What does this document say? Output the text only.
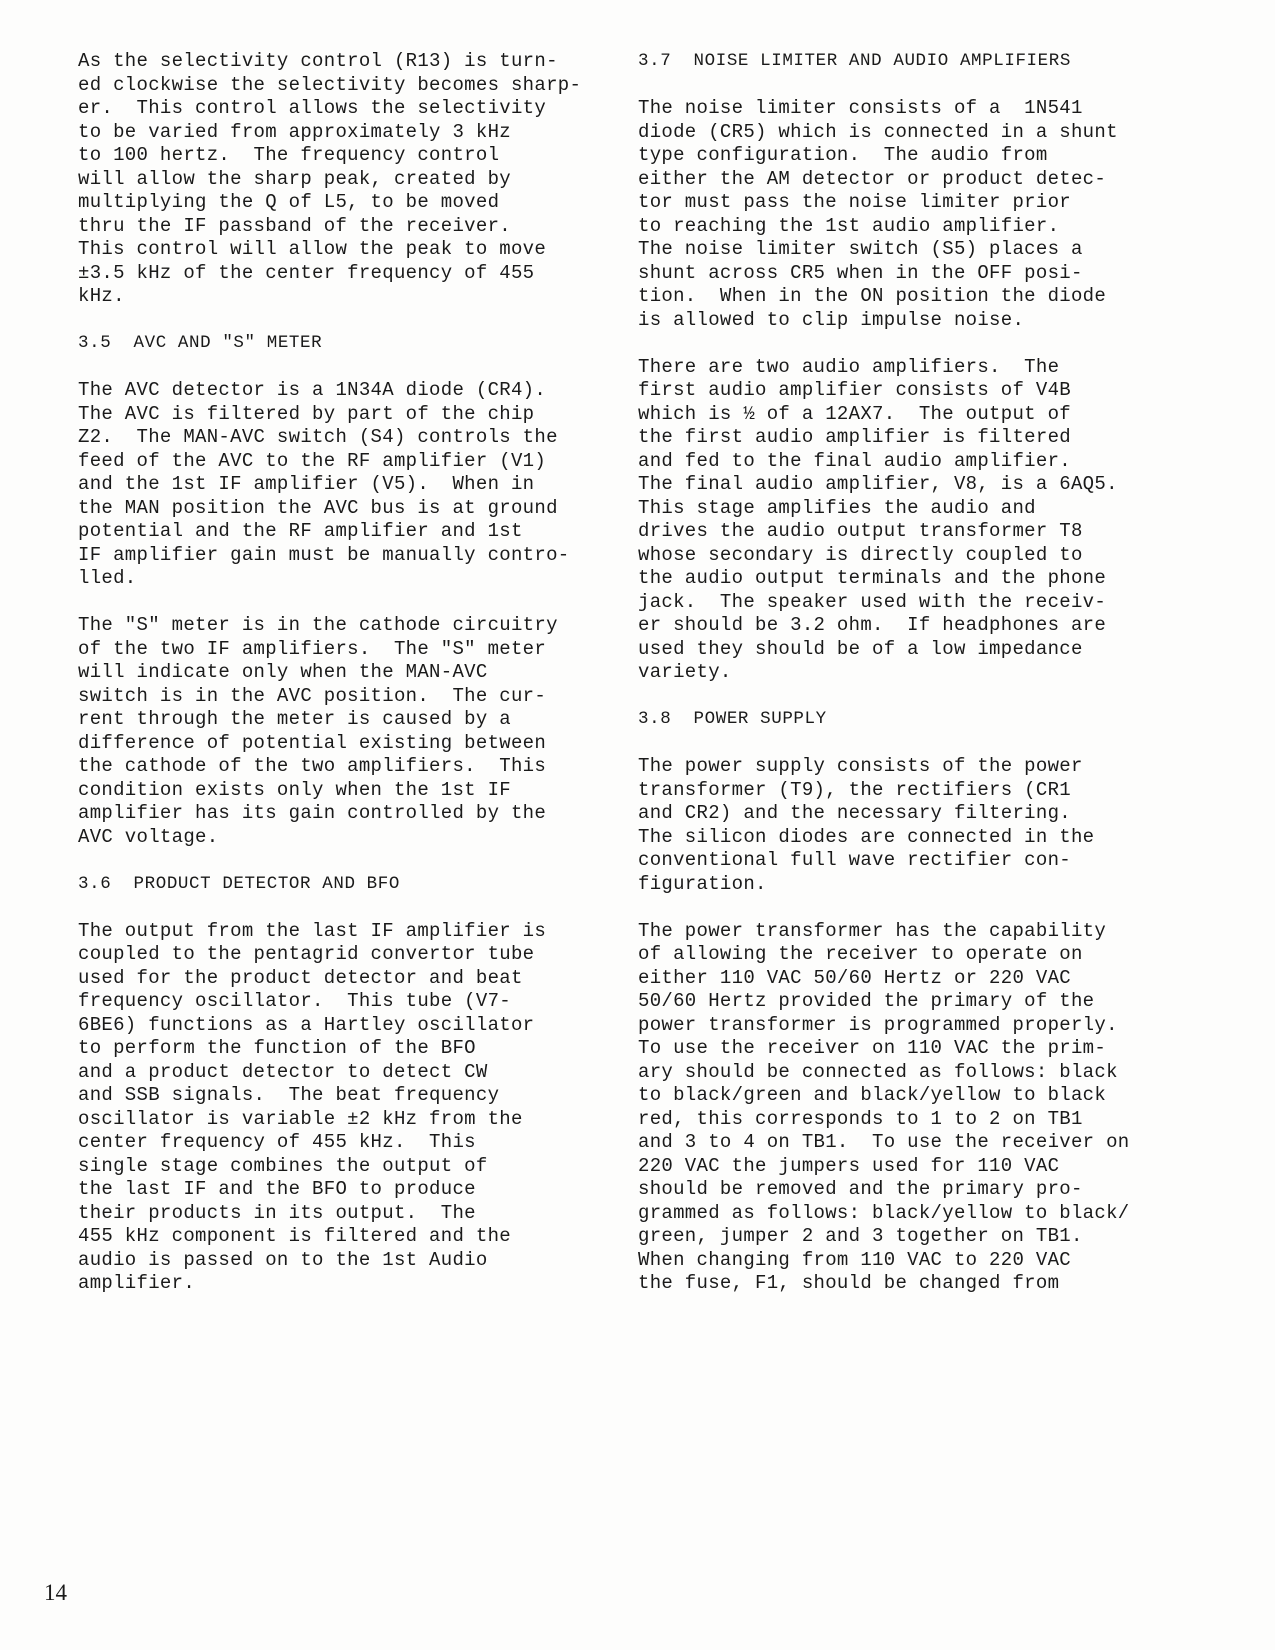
As the selectivity control (R13) is turn-
ed clockwise the selectivity becomes sharp-
er.  This control allows the selectivity
to be varied from approximately 3 kHz
to 100 hertz.  The frequency control
will allow the sharp peak, created by
multiplying the Q of L5, to be moved
thru the IF passband of the receiver.
This control will allow the peak to move
±3.5 kHz of the center frequency of 455
kHz.
3.5  AVC AND "S" METER
The AVC detector is a 1N34A diode (CR4).
The AVC is filtered by part of the chip
Z2.  The MAN-AVC switch (S4) controls the
feed of the AVC to the RF amplifier (V1)
and the 1st IF amplifier (V5).  When in
the MAN position the AVC bus is at ground
potential and the RF amplifier and 1st
IF amplifier gain must be manually contro-
lled.
The "S" meter is in the cathode circuitry
of the two IF amplifiers.  The "S" meter
will indicate only when the MAN-AVC
switch is in the AVC position.  The cur-
rent through the meter is caused by a
difference of potential existing between
the cathode of the two amplifiers.  This
condition exists only when the 1st IF
amplifier has its gain controlled by the
AVC voltage.
3.6  PRODUCT DETECTOR AND BFO
The output from the last IF amplifier is
coupled to the pentagrid convertor tube
used for the product detector and beat
frequency oscillator.  This tube (V7-
6BE6) functions as a Hartley oscillator
to perform the function of the BFO
and a product detector to detect CW
and SSB signals.  The beat frequency
oscillator is variable ±2 kHz from the
center frequency of 455 kHz.  This
single stage combines the output of
the last IF and the BFO to produce
their products in its output.  The
455 kHz component is filtered and the
audio is passed on to the 1st Audio
amplifier.
3.7  NOISE LIMITER AND AUDIO AMPLIFIERS
The noise limiter consists of a  1N541
diode (CR5) which is connected in a shunt
type configuration.  The audio from
either the AM detector or product detec-
tor must pass the noise limiter prior
to reaching the 1st audio amplifier.
The noise limiter switch (S5) places a
shunt across CR5 when in the OFF posi-
tion.  When in the ON position the diode
is allowed to clip impulse noise.
There are two audio amplifiers.  The
first audio amplifier consists of V4B
which is ½ of a 12AX7.  The output of
the first audio amplifier is filtered
and fed to the final audio amplifier.
The final audio amplifier, V8, is a 6AQ5.
This stage amplifies the audio and
drives the audio output transformer T8
whose secondary is directly coupled to
the audio output terminals and the phone
jack.  The speaker used with the receiv-
er should be 3.2 ohm.  If headphones are
used they should be of a low impedance
variety.
3.8  POWER SUPPLY
The power supply consists of the power
transformer (T9), the rectifiers (CR1
and CR2) and the necessary filtering.
The silicon diodes are connected in the
conventional full wave rectifier con-
figuration.
The power transformer has the capability
of allowing the receiver to operate on
either 110 VAC 50/60 Hertz or 220 VAC
50/60 Hertz provided the primary of the
power transformer is programmed properly.
To use the receiver on 110 VAC the prim-
ary should be connected as follows: black
to black/green and black/yellow to black
red, this corresponds to 1 to 2 on TB1
and 3 to 4 on TB1.  To use the receiver on
220 VAC the jumpers used for 110 VAC
should be removed and the primary pro-
grammed as follows: black/yellow to black/
green, jumper 2 and 3 together on TB1.
When changing from 110 VAC to 220 VAC
the fuse, F1, should be changed from
14
